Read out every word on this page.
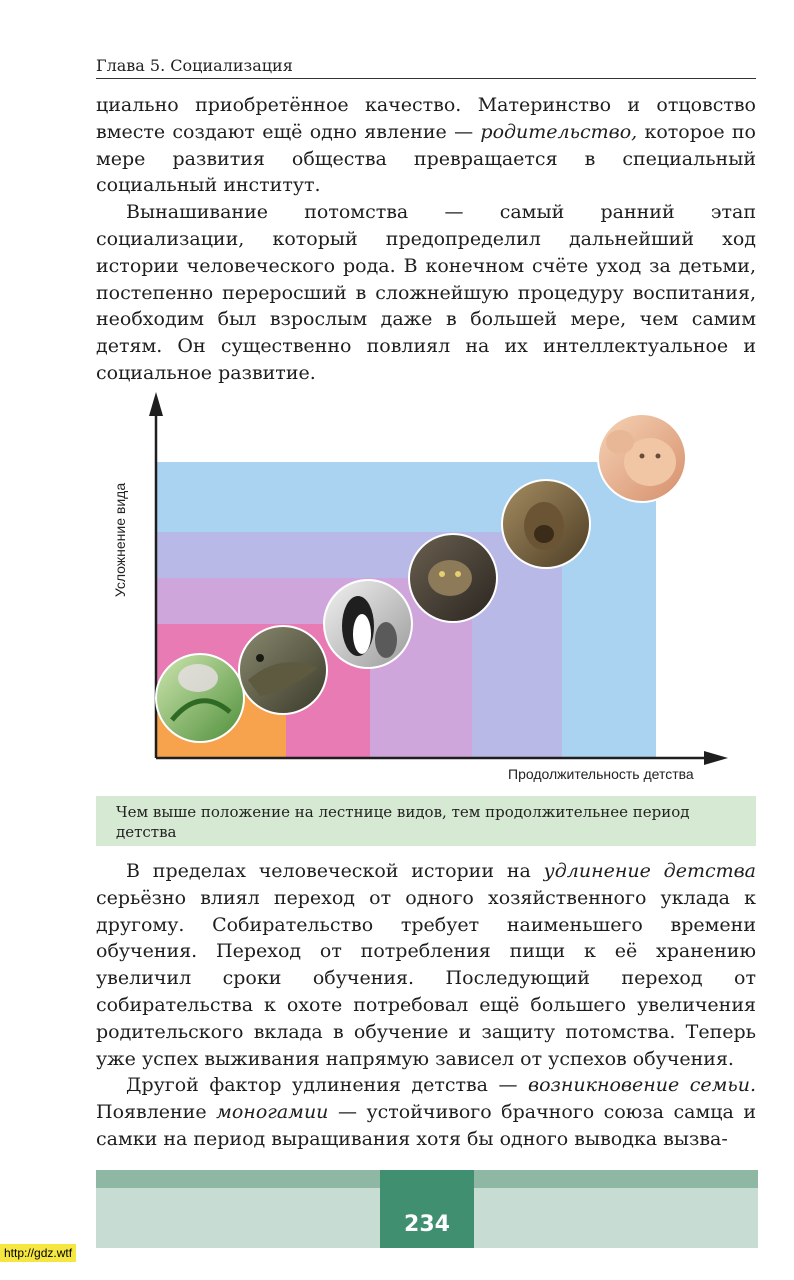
Глава 5. Социализация

циально приобретённое качество. Материнство и отцовство вместе создают ещё одно явление — родительство, которое по мере развития общества превращается в специальный социальный институт.

Вынашивание потомства — самый ранний этап социализации, который предопределил дальнейший ход истории человеческого рода. В конечном счёте уход за детьми, постепенно переросший в сложнейшую процедуру воспитания, необходим был взрослым даже в большей мере, чем самим детям. Он существенно повлиял на их интеллектуальное и социальное развитие.

Усложнение вида
Продолжительность детства
Чем выше положение на лестнице видов, тем продолжительнее период детства

В пределах человеческой истории на удлинение детства серьёзно влиял переход от одного хозяйственного уклада к другому. Собирательство требует наименьшего времени обучения. Переход от потребления пищи к её хранению увеличил сроки обучения. Последующий переход от собирательства к охоте потребовал ещё большего увеличения родительского вклада в обучение и защиту потомства. Теперь уже успех выживания напрямую зависел от успехов обучения.

Другой фактор удлинения детства — возникновение семьи. Появление моногамии — устойчивого брачного союза самца и самки на период выращивания хотя бы одного выводка вызва-

234
http://gdz.wtf
